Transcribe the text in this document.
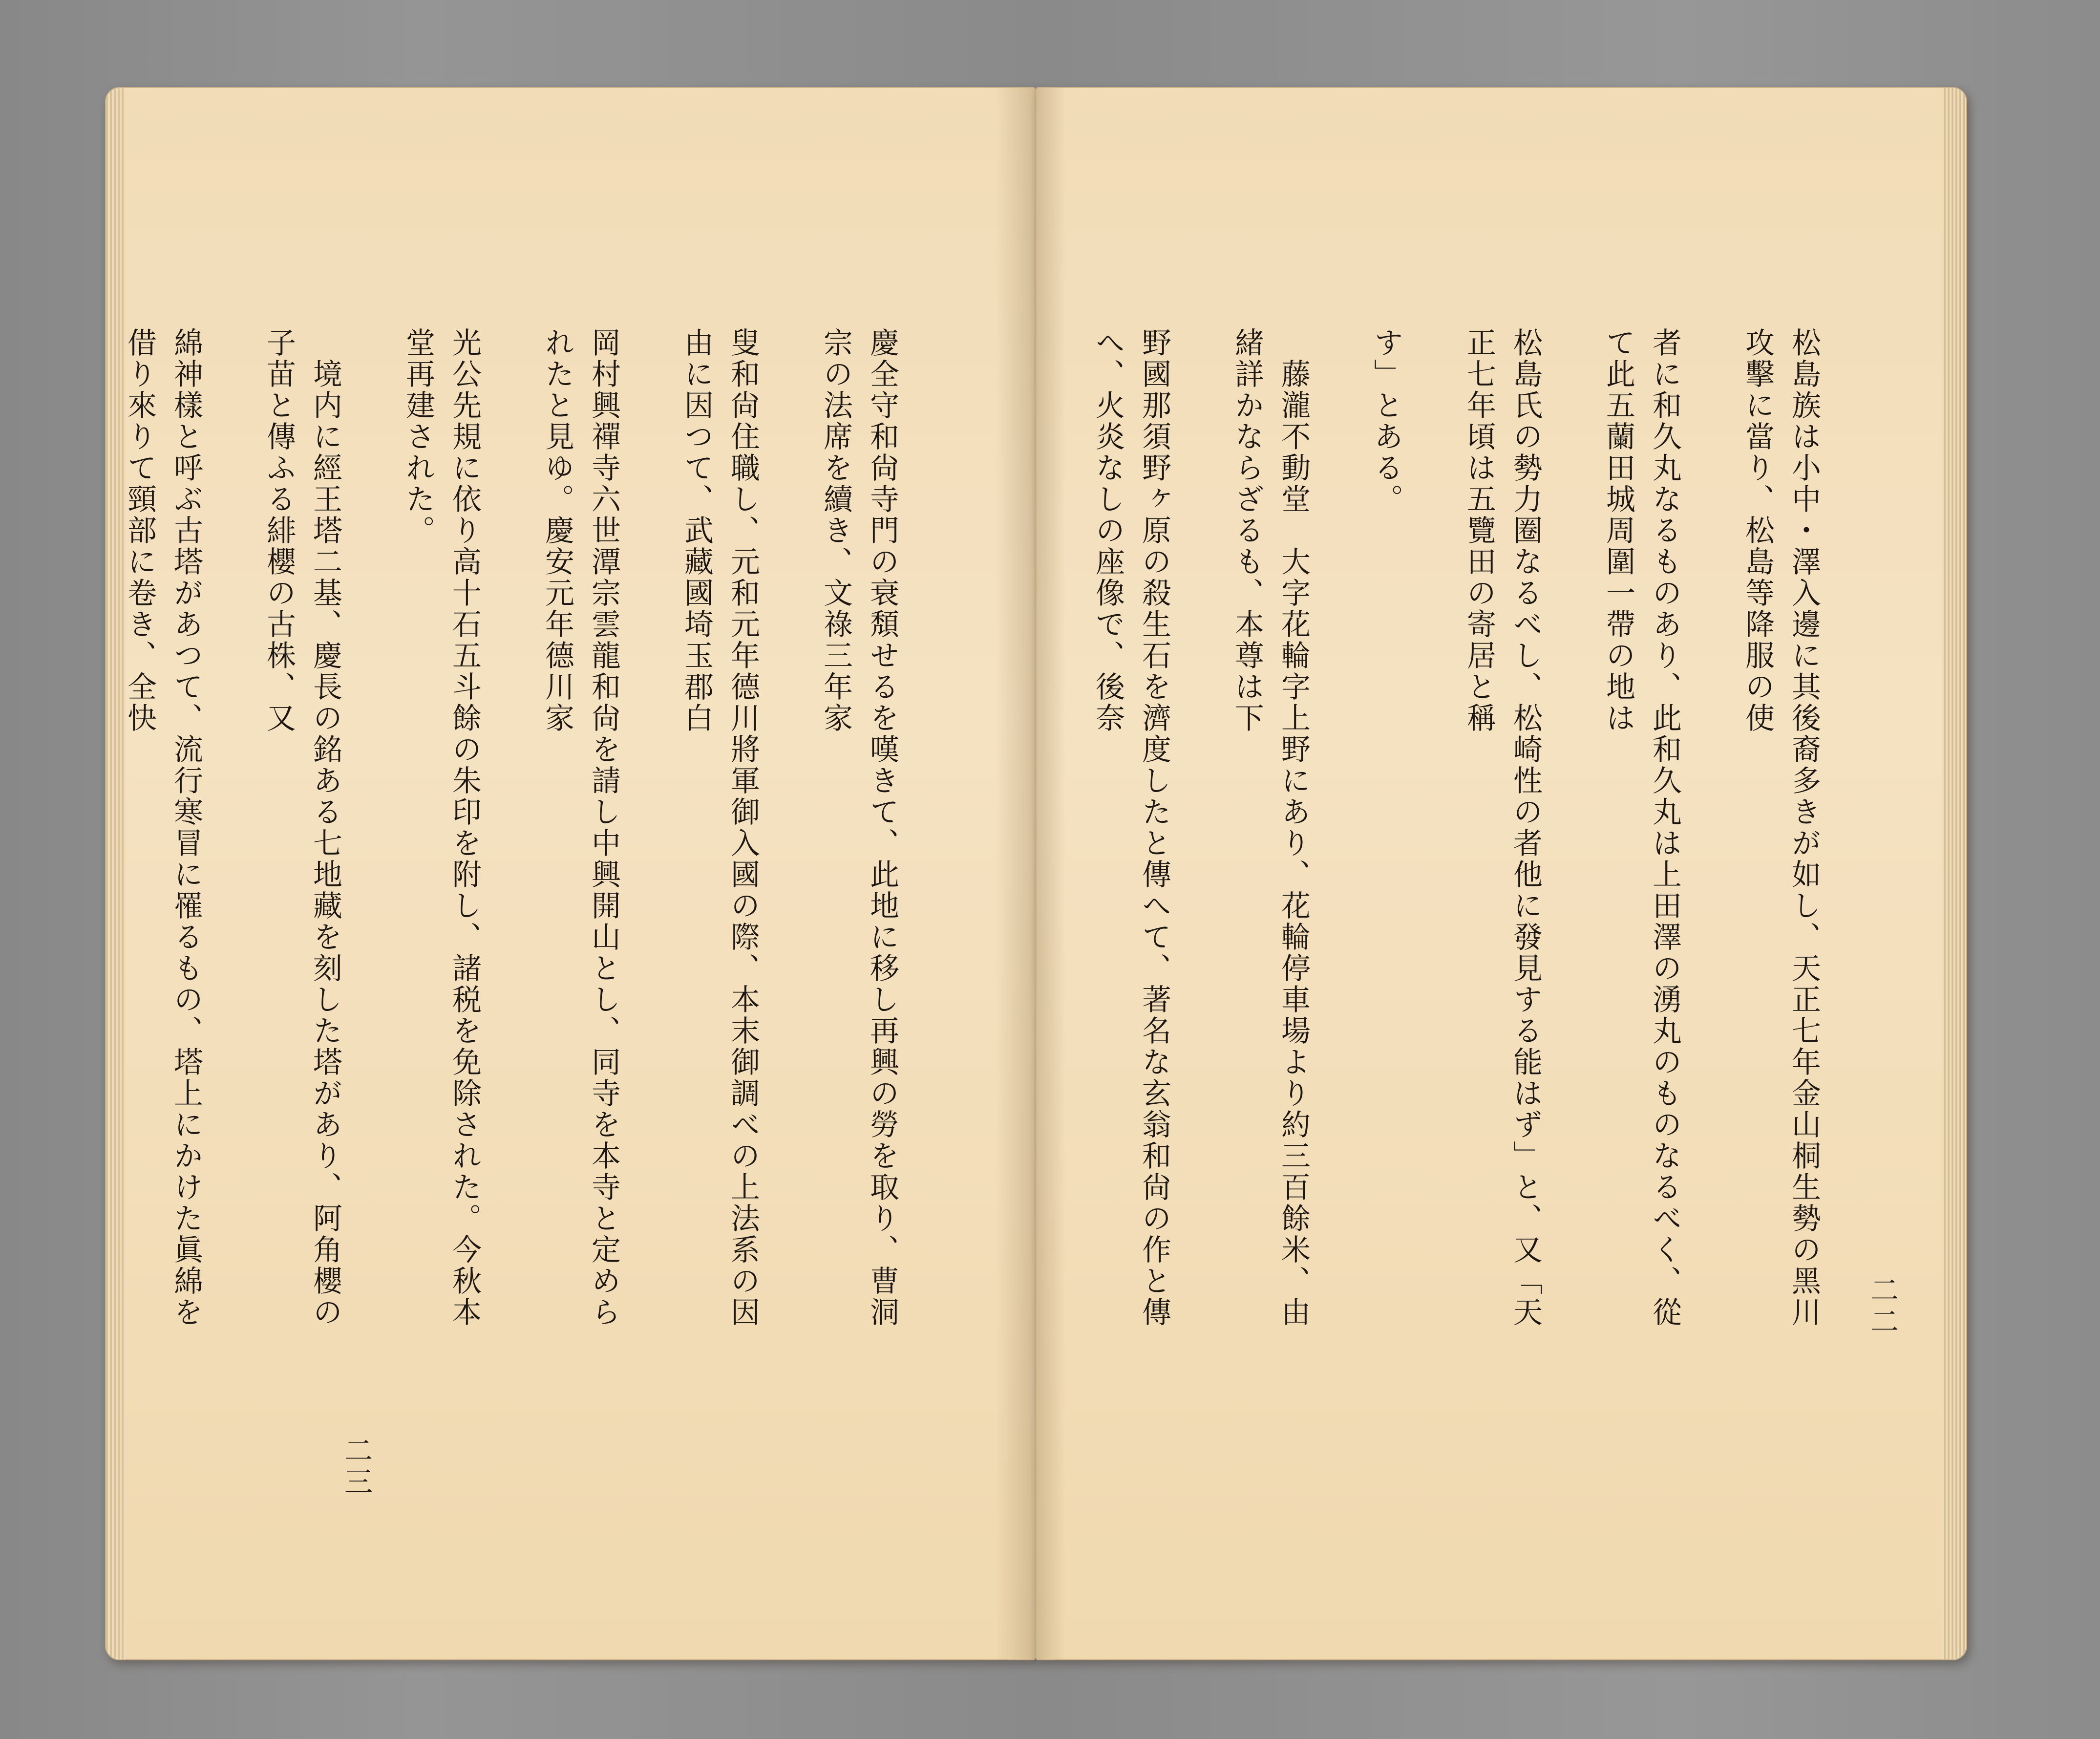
慶全守和尙寺門の衰頽せるを嘆きて、此地に移し再興の勞を取り、曹洞宗の法席を續き、文祿三年家

叟和尙住職し、元和元年德川將軍御入國の際、本末御調べの上法系の因由に因つて、武藏國埼玉郡白

岡村興禪寺六世潭宗雲龍和尙を請し中興開山とし、同寺を本寺と定められたと見ゆ。慶安元年德川家

光公先規に依り高十石五斗餘の朱印を附し、諸税を免除された。今秋本堂再建された。

　境内に經王塔二基、慶長の銘ある七地藏を刻した塔があり、阿角櫻の子苗と傳ふる緋櫻の古株、又

綿神樣と呼ぶ古塔があつて、流行寒冒に罹るもの、塔上にかけた眞綿を借り來りて頸部に卷き、全快

二三

松島族は小中・澤入邊に其後裔多きが如し、天正七年金山桐生勢の黑川攻擊に當り、松島等降服の使

者に和久丸なるものあり、此和久丸は上田澤の湧丸のものなるべく、從て此五蘭田城周圍一帶の地は

松島氏の勢力圈なるべし、松崎性の者他に發見する能はず」と、又「天正七年頃は五覽田の寄居と稱

す」とある。

　藤瀧不動堂　大字花輪字上野にあり、花輪停車場より約三百餘米、由緒詳かならざるも、本尊は下

野國那須野ヶ原の殺生石を濟度したと傳へて、著名な玄翁和尙の作と傳へ、火炎なしの座像で、後奈

二二
